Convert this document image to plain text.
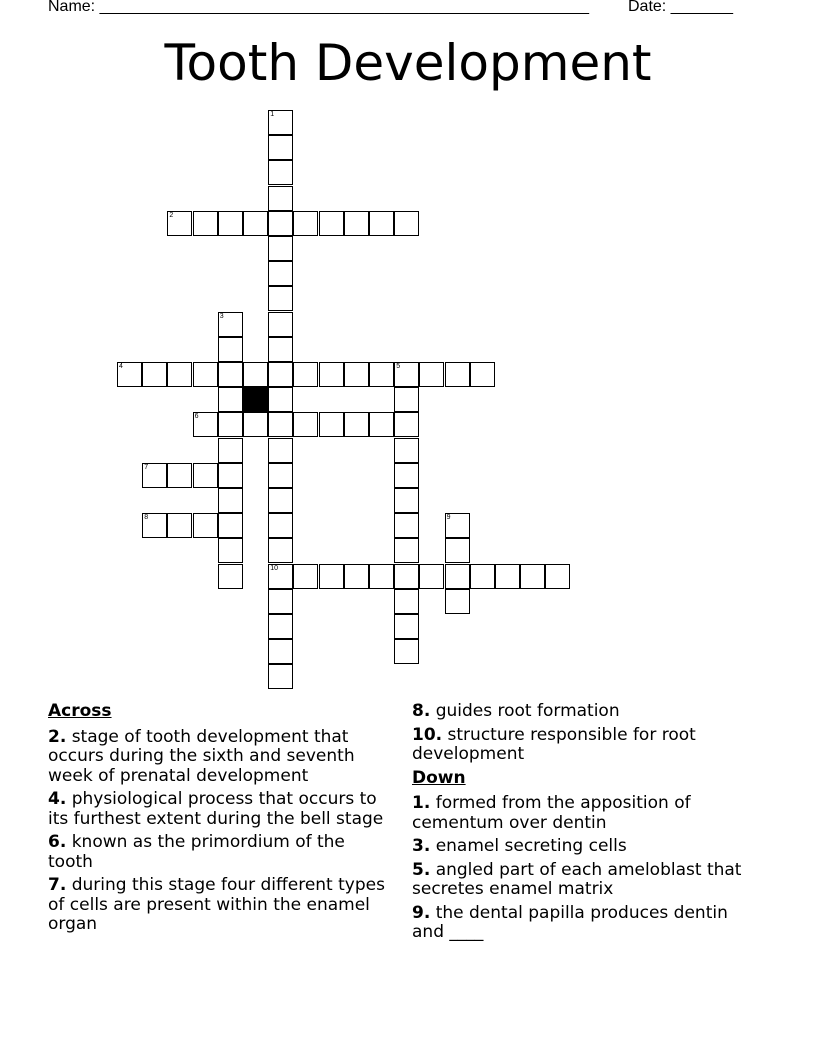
Name: _______________________________________________________ Date: _______
Tooth Development
1
10
2
3
4	5
6
7
8	9
Across
2. stage of tooth development that occurs during the sixth and seventh week of prenatal development
4. physiological process that occurs to its furthest extent during the bell stage
6. known as the primordium of the tooth
7. during this stage four different types of cells are present within the enamel organ
8. guides root formation
10. structure responsible for root development
Down
1. formed from the apposition of cementum over dentin
3. enamel secreting cells
5. angled part of each ameloblast that secretes enamel matrix
9. the dental papilla produces dentin and ____
